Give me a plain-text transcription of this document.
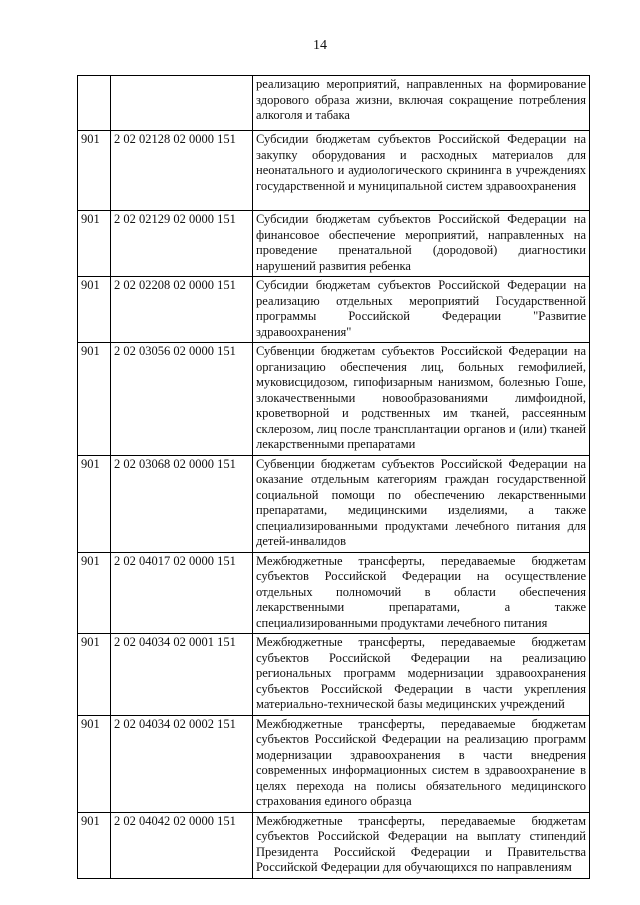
14
		реализацию мероприятий, направленных на формирование здорового образа жизни, включая сокращение потребления алкоголя и табака
901	2 02 02128 02 0000 151	Субсидии бюджетам субъектов Российской Федерации на закупку оборудования и расходных материалов для неонатального и аудиологического скрининга в учреждениях государственной и муниципальной систем здравоохранения
901	2 02 02129 02 0000 151	Субсидии бюджетам субъектов Российской Федерации на финансовое обеспечение мероприятий, направленных на проведение пренатальной (дородовой) диагностики нарушений развития ребенка
901	2 02 02208 02 0000 151	Субсидии бюджетам субъектов Российской Федерации на реализацию отдельных мероприятий Государственной программы Российской Федерации "Развитие здравоохранения"
901	2 02 03056 02 0000 151	Субвенции бюджетам субъектов Российской Федерации на организацию обеспечения лиц, больных гемофилией, муковисцидозом, гипофизарным нанизмом, болезнью Гоше, злокачественными новообразованиями лимфоидной, кроветворной и родственных им тканей, рассеянным склерозом, лиц после трансплантации органов и (или) тканей лекарственными препаратами
901	2 02 03068 02 0000 151	Субвенции бюджетам субъектов Российской Федерации на оказание отдельным категориям граждан государственной социальной помощи по обеспечению лекарственными препаратами, медицинскими изделиями, а также специализированными продуктами лечебного питания для детей-инвалидов
901	2 02 04017 02 0000 151	Межбюджетные трансферты, передаваемые бюджетам субъектов Российской Федерации на осуществление отдельных полномочий в области обеспечения лекарственными препаратами, а также специализированными продуктами лечебного питания
901	2 02 04034 02 0001 151	Межбюджетные трансферты, передаваемые бюджетам субъектов Российской Федерации на реализацию региональных программ модернизации здравоохранения субъектов Российской Федерации в части укрепления материально-технической базы медицинских учреждений
901	2 02 04034 02 0002 151	Межбюджетные трансферты, передаваемые бюджетам субъектов Российской Федерации на реализацию программ модернизации здравоохранения в части внедрения современных информационных систем в здравоохранение в целях перехода на полисы обязательного медицинского страхования единого образца
901	2 02 04042 02 0000 151	Межбюджетные трансферты, передаваемые бюджетам субъектов Российской Федерации на выплату стипендий Президента Российской Федерации и Правительства Российской Федерации для обучающихся по направлениям
